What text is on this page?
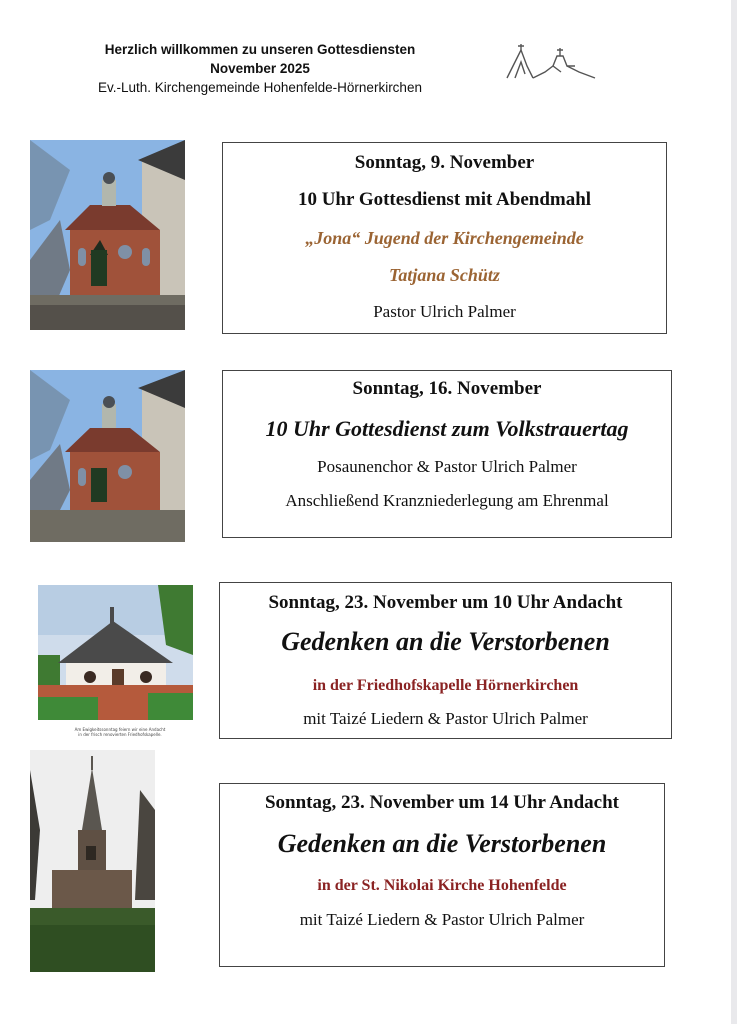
Herzlich willkommen zu unseren Gottesdiensten
November 2025
Ev.-Luth. Kirchengemeinde Hohenfelde-Hörnerkirchen
Am Ewigkeitssonntag feiern wir eine Andacht
in der frisch renovierten Friedhofskapelle.
Sonntag, 9. November
10 Uhr Gottesdienst mit Abendmahl
„Jona“ Jugend der Kirchengemeinde
Tatjana Schütz
Pastor Ulrich Palmer
Sonntag, 16. November
10 Uhr Gottesdienst zum Volkstrauertag
Posaunenchor & Pastor Ulrich Palmer
Anschließend Kranzniederlegung am Ehrenmal
Sonntag, 23. November um 10 Uhr Andacht
Gedenken an die Verstorbenen
in der Friedhofskapelle Hörnerkirchen
mit Taizé Liedern & Pastor Ulrich Palmer
Sonntag, 23. November um 14 Uhr Andacht
Gedenken an die Verstorbenen
in der St. Nikolai Kirche Hohenfelde
mit Taizé Liedern & Pastor Ulrich Palmer
